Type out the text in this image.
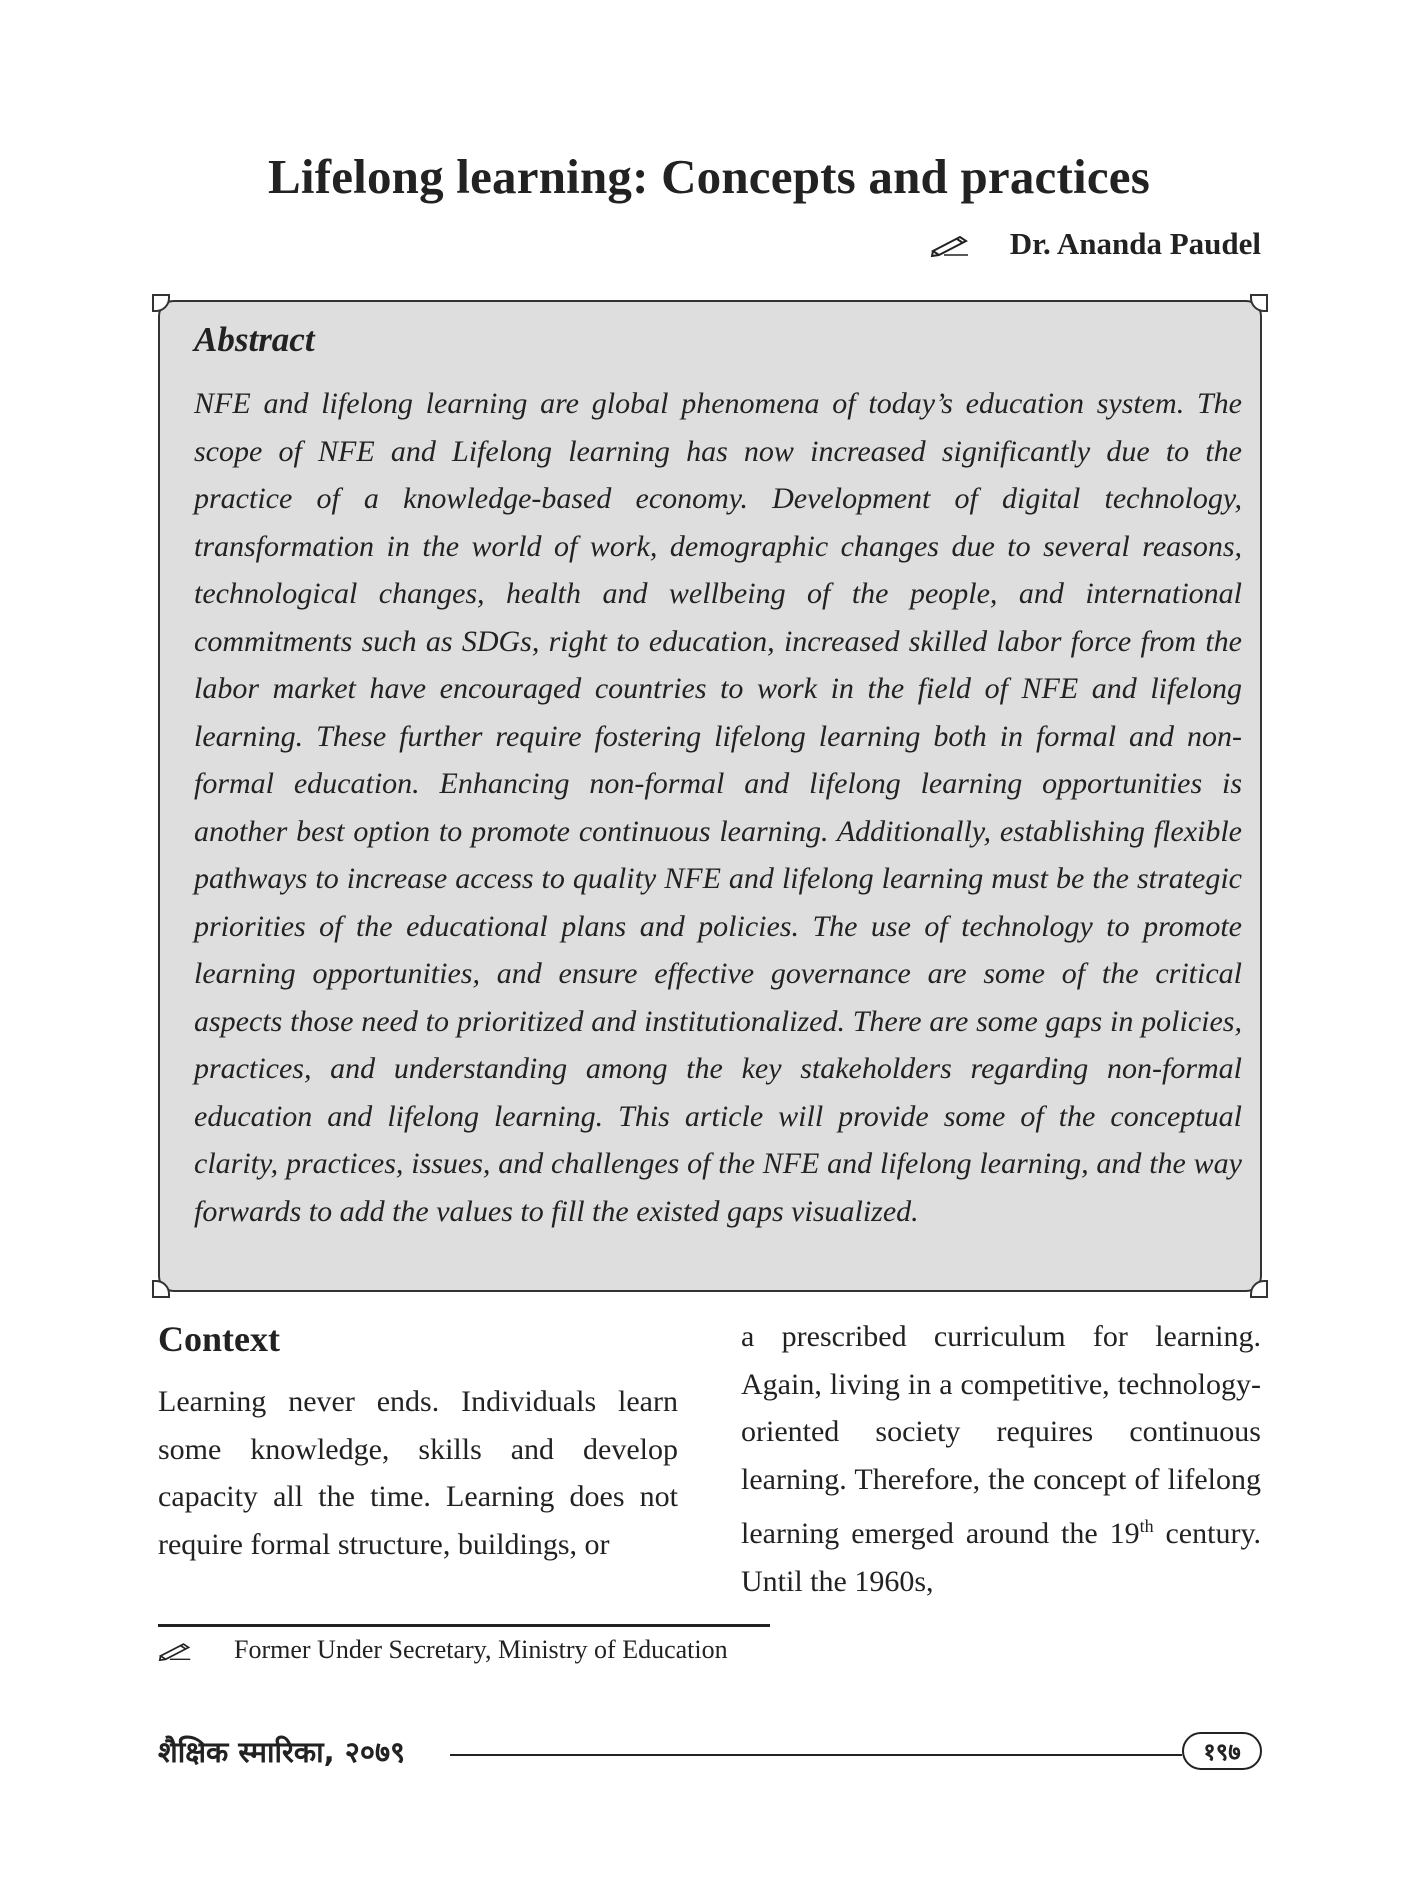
Lifelong learning: Concepts and practices
Dr. Ananda Paudel
Abstract

NFE and lifelong learning are global phenomena of today’s education system. The scope of NFE and Lifelong learning has now increased significantly due to the practice of a knowledge-based economy. Development of digital technology, transformation in the world of work, demographic changes due to several reasons, technological changes, health and wellbeing of the people, and international commitments such as SDGs, right to education, increased skilled labor force from the labor market have encouraged countries to work in the field of NFE and lifelong learning. These further require fostering lifelong learning both in formal and non-formal education. Enhancing non-formal and lifelong learning opportunities is another best option to promote continuous learning. Additionally, establishing flexible pathways to increase access to quality NFE and lifelong learning must be the strategic priorities of the educational plans and policies. The use of technology to promote learning opportunities, and ensure effective governance are some of the critical aspects those need to prioritized and institutionalized. There are some gaps in policies, practices, and understanding among the key stakeholders regarding non-formal education and lifelong learning. This article will provide some of the conceptual clarity, practices, issues, and challenges of the NFE and lifelong learning, and the way forwards to add the values to fill the existed gaps visualized.

Context

Learning never ends. Individuals learn some knowledge, skills and develop capacity all the time. Learning does not require formal structure, buildings, or

a prescribed curriculum for learning. Again, living in a competitive, technology-oriented society requires continuous learning. Therefore, the concept of lifelong learning emerged around the 19th century. Until the 1960s,

Former Under Secretary, Ministry of Education
शैक्षिक स्मारिका, २०७९	१९७
